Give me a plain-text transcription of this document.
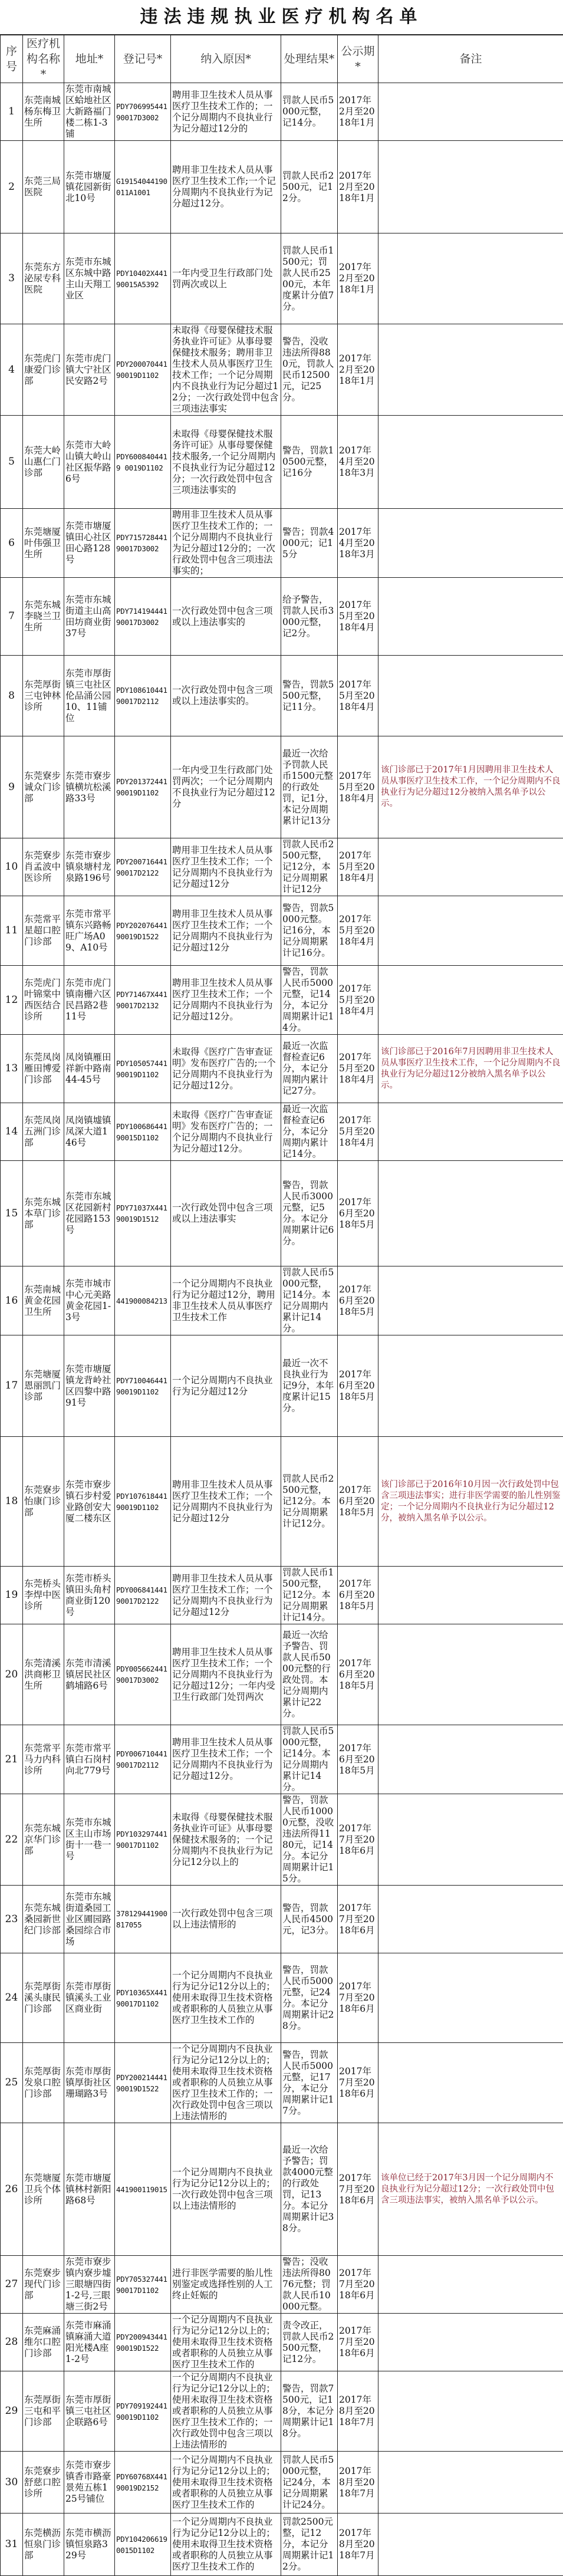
违法违规执业医疗机构名单
序号	医疗机构名称*	地址*	登记号*	纳入原因*	处理结果*	公示期*	备注
1	东莞南城杨东梅卫生所	东莞市南城区蛤地社区大新路福门楼二栋1-3铺	PDY706995441 90017D3002	聘用非卫生技术人员从事医疗卫生技术工作的；一个记分周期内不良执业行为记分超过12分的	罚款人民币5000元整，记14分。	2017年2月至2018年1月	
2	东莞三局医院	东莞市塘厦镇花园新街北10号	G19154044190 011A1001	聘用非卫生技术人员从事医疗卫生技术工作;一个记分周期内不良执业行为记分超过12分。	罚款人民币2500元，记12分。	2017年2月至2018年1月	
3	东莞东方泌尿专科医院	东莞市东城区东城中路主山天翔工业区	PDY10402X441 90015A5392	一年内受卫生行政部门处罚两次或以上	罚款人民币1500元；罚款人民币2500元，本年度累计分值7分。	2017年2月至2018年1月	
4	东莞虎门康爱门诊部	东莞市虎门镇大宁社区民安路2号	PDY200070441 90019D1102	未取得《母婴保健技术服务执业许可证》从事母婴保健技术服务；聘用非卫生技术人员从事医疗卫生技术工作；一个记分周期内不良执业行为记分超过12分；一次行政处罚中包含三项违法事实	警告，没收违法所得880元，罚款人民币12500元，记25分。	2017年2月至2018年1月	
5	东莞大岭山惠仁门诊部	东莞市大岭山镇大岭山社区振华路6号	PDY6008404419 0019D1102	未取得《母婴保健技术服务许可证》从事母婴保健技术服务,一个记分周期内不良执业行为记分超过12分；一次行政处罚中包含三项违法事实的	警告，罚款10500元整，记16分	2017年4月至2018年3月	
6	东莞塘厦叶伟强卫生所	东莞市塘厦镇田心社区田心路128号	PDY715728441 90017D3002	聘用非卫生技术人员从事医疗卫生技术工作的；一个记分周期内不良执业行为记分超过12分的；一次行政处罚中包含三项违法事实的；	警告；罚款4000元；记15分	2017年4月至2018年3月	
7	东莞东城李晓兰卫生所	东莞市东城街道主山高田坊商业街37号	PDY714194441 90017D3002	一次行政处罚中包含三项或以上违法事实的	给予警告，罚款人民币3000元整，记2分。	2017年5月至2018年4月	
8	东莞厚街三屯钟林诊所	东莞市厚街镇三屯社区伦品涌公园10、11铺位	PDY108610441 90017D2112	一次行政处罚中包含三项或以上违法事实的。	警告，罚款5500元整，记11分。	2017年5月至2018年4月	
9	东莞寮步诚众门诊部	东莞市寮步镇横坑松溪路33号	PDY201372441 90019D1102	一年内受卫生行政部门处罚两次；一个记分周期内不良执业行为记分超过12分	最近一次给予罚款人民币1500元整的行政处罚，记1分，本记分周期累计记13分	2017年5月至2018年4月	该门诊部已于2017年1月因聘用非卫生技术人员从事医疗卫生技术工作，一个记分周期内不良执业行为记分超过12分被纳入黑名单予以公示。
10	东莞寮步肖孟波中医诊所	东莞市寮步镇泉塘村龙泉路196号	PDY200716441 90017D2122	聘用非卫生技术人员从事医疗卫生技术工作；一个记分周期内不良执业行为记分超过12分	罚款人民币2500元整，记12分，本记分周期累计记12分	2017年5月至2018年4月	
11	东莞常平星超口腔门诊部	东莞市常平镇东兴路畅旺广场A09、A10号	PDY202076441 90019D1522	聘用非卫生技术人员从事医疗卫生技术工作；一个记分周期内不良执业行为记分超过12分	警告，罚款5000元整。记16分，本记分周期累计记16分。	2017年5月至2018年4月	
12	东莞虎门叶锦棠中西医结合诊所	东莞市虎门镇南栅六区民昌路2巷11号	PDY71467X441 90017D2132	聘用非卫生技术人员从事医疗卫生技术工作；一个记分周期内不良执业行为记分超过12分。	警告，罚款人民币5000元整，记14分，本记分周期累计记14分。	2017年5月至2018年4月	
13	东莞凤岗雁田博爱门诊部	凤岗镇雁田祥新中路南44-45号	PDY105057441 90019D1102	未取得《医疗广告审查证明》发布医疗广告的;一个记分周期内不良执业行为记分超过12分。	最近一次监督检查记6分，本记分周期内累计记27分。	2017年5月至2018年4月	该门诊部已于2016年7月因聘用非卫生技术人员从事医疗卫生技术工作，一个记分周期内不良执业行为记分超过12分被纳入黑名单予以公示。
14	东莞凤岗五洲门诊部	凤岗镇墟镇凤深大道146号	PDY100686441 90015D1102	未取得《医疗广告审查证明》发布医疗广告的；一个记分周期内不良执业行为记分超过12分。	最近一次监督检查记6分，本记分周期内累计记14分。	2017年5月至2018年4月	
15	东莞东城本草门诊部	东莞市东城区花园新村花园路153号	PDY71037X441 90019D1512	一次行政处罚中包含三项或以上违法事实	警告，罚款人民币3000元整，记5分。本记分周期累计记6分。	2017年6月至2018年5月	
16	东莞南城黄金花园卫生所	东莞市城市中心元美路黄金花园1-3号	441900084213	一个记分周期内不良执业行为记分超过12分，聘用非卫生技术人员从事医疗卫生技术工作	罚款人民币5000元整，记14分。本记分周期内累计记14分。	2017年6月至2018年5月	
17	东莞塘厦恩丽凯门诊部	东莞市塘厦镇龙背岭社区四黎中路91号	PDY710046441 90019D1102	一个记分周期内不良执业行为记分超过12分	最近一次不良执业行为记9分，本年度累计记15分。	2017年6月至2018年5月	
18	东莞寮步怡康门诊部	东莞市寮步镇石步村爱业路创安大厦二楼东区	PDY107618441 90019D1102	聘用非卫生技术人员从事医疗卫生技术工作；一个记分周期内不良执业行为记分超过12分	罚款人民币2500元整，记12分。本记分周期累计记12分。	2017年6月至2018年5月	该门诊部已于2016年10月因一次行政处罚中包含三项违法事实；进行非医学需要的胎儿性别鉴定；一个记分周期内不良执业行为记分超过12分，被纳入黑名单予以公示。
19	东莞桥头李焊中医诊所	东莞市桥头镇田头角村商业街120号	PDY006841441 90017D2122	聘用非卫生技术人员从事医疗卫生技术工作；一个记分周期内不良执业行为记分超过12分	罚款人民币1500元整，记12分。本记分周期累计记14分。	2017年6月至2018年5月	
20	东莞清溪洪商彬卫生所	东莞市清溪镇居民社区鹤埔路6号	PDY005662441 90017D3002	聘用非卫生技术人员从事医疗卫生技术工作；一个记分周期内不良执业行为记分超过12分；一年内受卫生行政部门处罚两次	最近一次给予警告、罚款人民币5000元整的行政处罚。本记分周期内累计记22分。	2017年6月至2018年5月	
21	东莞常平马力内科诊所	东莞市常平镇白石岗村向北779号	PDY006710441 90017D2112	聘用非卫生技术人员从事医疗卫生技术工作；一个记分周期内不良执业行为记分超过12分。	罚款人民币5000元整，记14分。本记分周期内累计记14分。	2017年6月至2018年5月	
22	东莞东城京华门诊部	东莞市东城区主山市场街十一巷一号	PDY103297441 90017D1102	未取得《母婴保健技术服务执业许可证》从事母婴保健技术服务的；一个记分周期内不良执业行为记分记12分以上的	警告，罚款人民币10000元整，没收违法所得1180元，记14分。本记分周期累计记15分。	2017年7月至2018年6月	
23	东莞东城桑园新世纪门诊部	东莞市东城街道桑园工业区圃园路桑园综合市场	378129441900 817055	一次行政处罚中包含三项以上违法情形的	警告，罚款人民币4500元，记3分。	2017年7月至2018年6月	
24	东莞厚街溪头康民门诊部	东莞市厚街镇溪头工业区商业街	PDY10365X441 90017D1102	一个记分周期内不良执业行为记分记12分以上的；使用未取得卫生技术资格或者职称的人员独立从事医疗卫生技术工作的	警告，罚款人民币5000元整，记24分。本记分周期累计记28分。	2017年7月至2018年6月	
25	东莞厚街发泉口腔门诊部	东莞市厚街镇厚街社区珊瑚路3号	PDY200214441 90019D1522	一个记分周期内不良执业行为记分记12分以上的；使用未取得卫生技术资格或者职称的人员独立从事医疗卫生技术工作的；一次行政处罚中包含三项以上违法情形的	警告，罚款人民币5000元整，记17分，本记分周期累计记17分。	2017年7月至2018年6月	
26	东莞塘厦卫兵个体诊所	东莞市塘厦镇林村新阳路68号	441900119015	一个记分周期内不良执业行为记分记12分以上的；一次行政处罚中包含三项以上违法情形的	最近一次给予警告；罚款4000元整的行政处罚，记13分。本记分周期累计记38分。	2017年7月至2018年6月	该单位已经于2017年3月因一个记分周期内不良执业行为记分超过12分；一次行政处罚中包含三项违法事实，被纳入黑名单予以公示。
27	东莞寮步现代门诊部	东莞市寮步镇内寮步墟三眼塘四街1-2号,三眼塘三街2号	PDY705327441 90017D1102	进行非医学需要的胎儿性别鉴定或选择性别的人工终止妊娠的	警告；没收违法所得8076元整；罚款人民币10000元整。	2017年7月至2018年6月	
28	东莞麻涌维尔口腔门诊部	东莞市麻涌镇麻涌大道阳光楼A座1-2号	PDY200943441 90019D1522	一个记分周期内不良执业行为记分记12分以上的；使用未取得卫生技术资格或者职称的人员独立从事医疗卫生技术工作的	责令改正，罚款人民币2500元整，记12分。	2017年7月至2018年6月	
29	东莞厚街三屯和平门诊部	东莞市厚街镇三屯社区企联路6号	PDY709192441 90019D1102	一个记分周期内不良执业行为记分记12分以上的；使用未取得卫生技术资格或者职称的人员独立从事医疗卫生技术工作的；一次行政处罚中包含三项以上违法情形的	警告，罚款7500元，记18分，本记分周期累计记18分。	2017年8月至2018年7月	
30	东莞寮步舒慈口腔诊所	东莞市寮步镇香市路豪景苑五栋125号铺位	PDY60768X441 90019D2152	一个记分周期内不良执业行为记分记12分以上的；使用未取得卫生技术资格或者职称的人员独立从事医疗卫生技术工作的	罚款人民币5000元整，记24分，本记分周期累计记24分。	2017年8月至2018年7月	
31	东莞横沥恒泉门诊部	东莞市横沥镇恒泉路329号	PDY104206619 0015D1102	一个记分周期内不良执业行为记分记12分以上的；使用未取得卫生技术资格或者职称的人员独立从事医疗卫生技术工作的	罚款2500元整，记12分，本记分周期累计记12分。	2017年8月至2018年7月	
